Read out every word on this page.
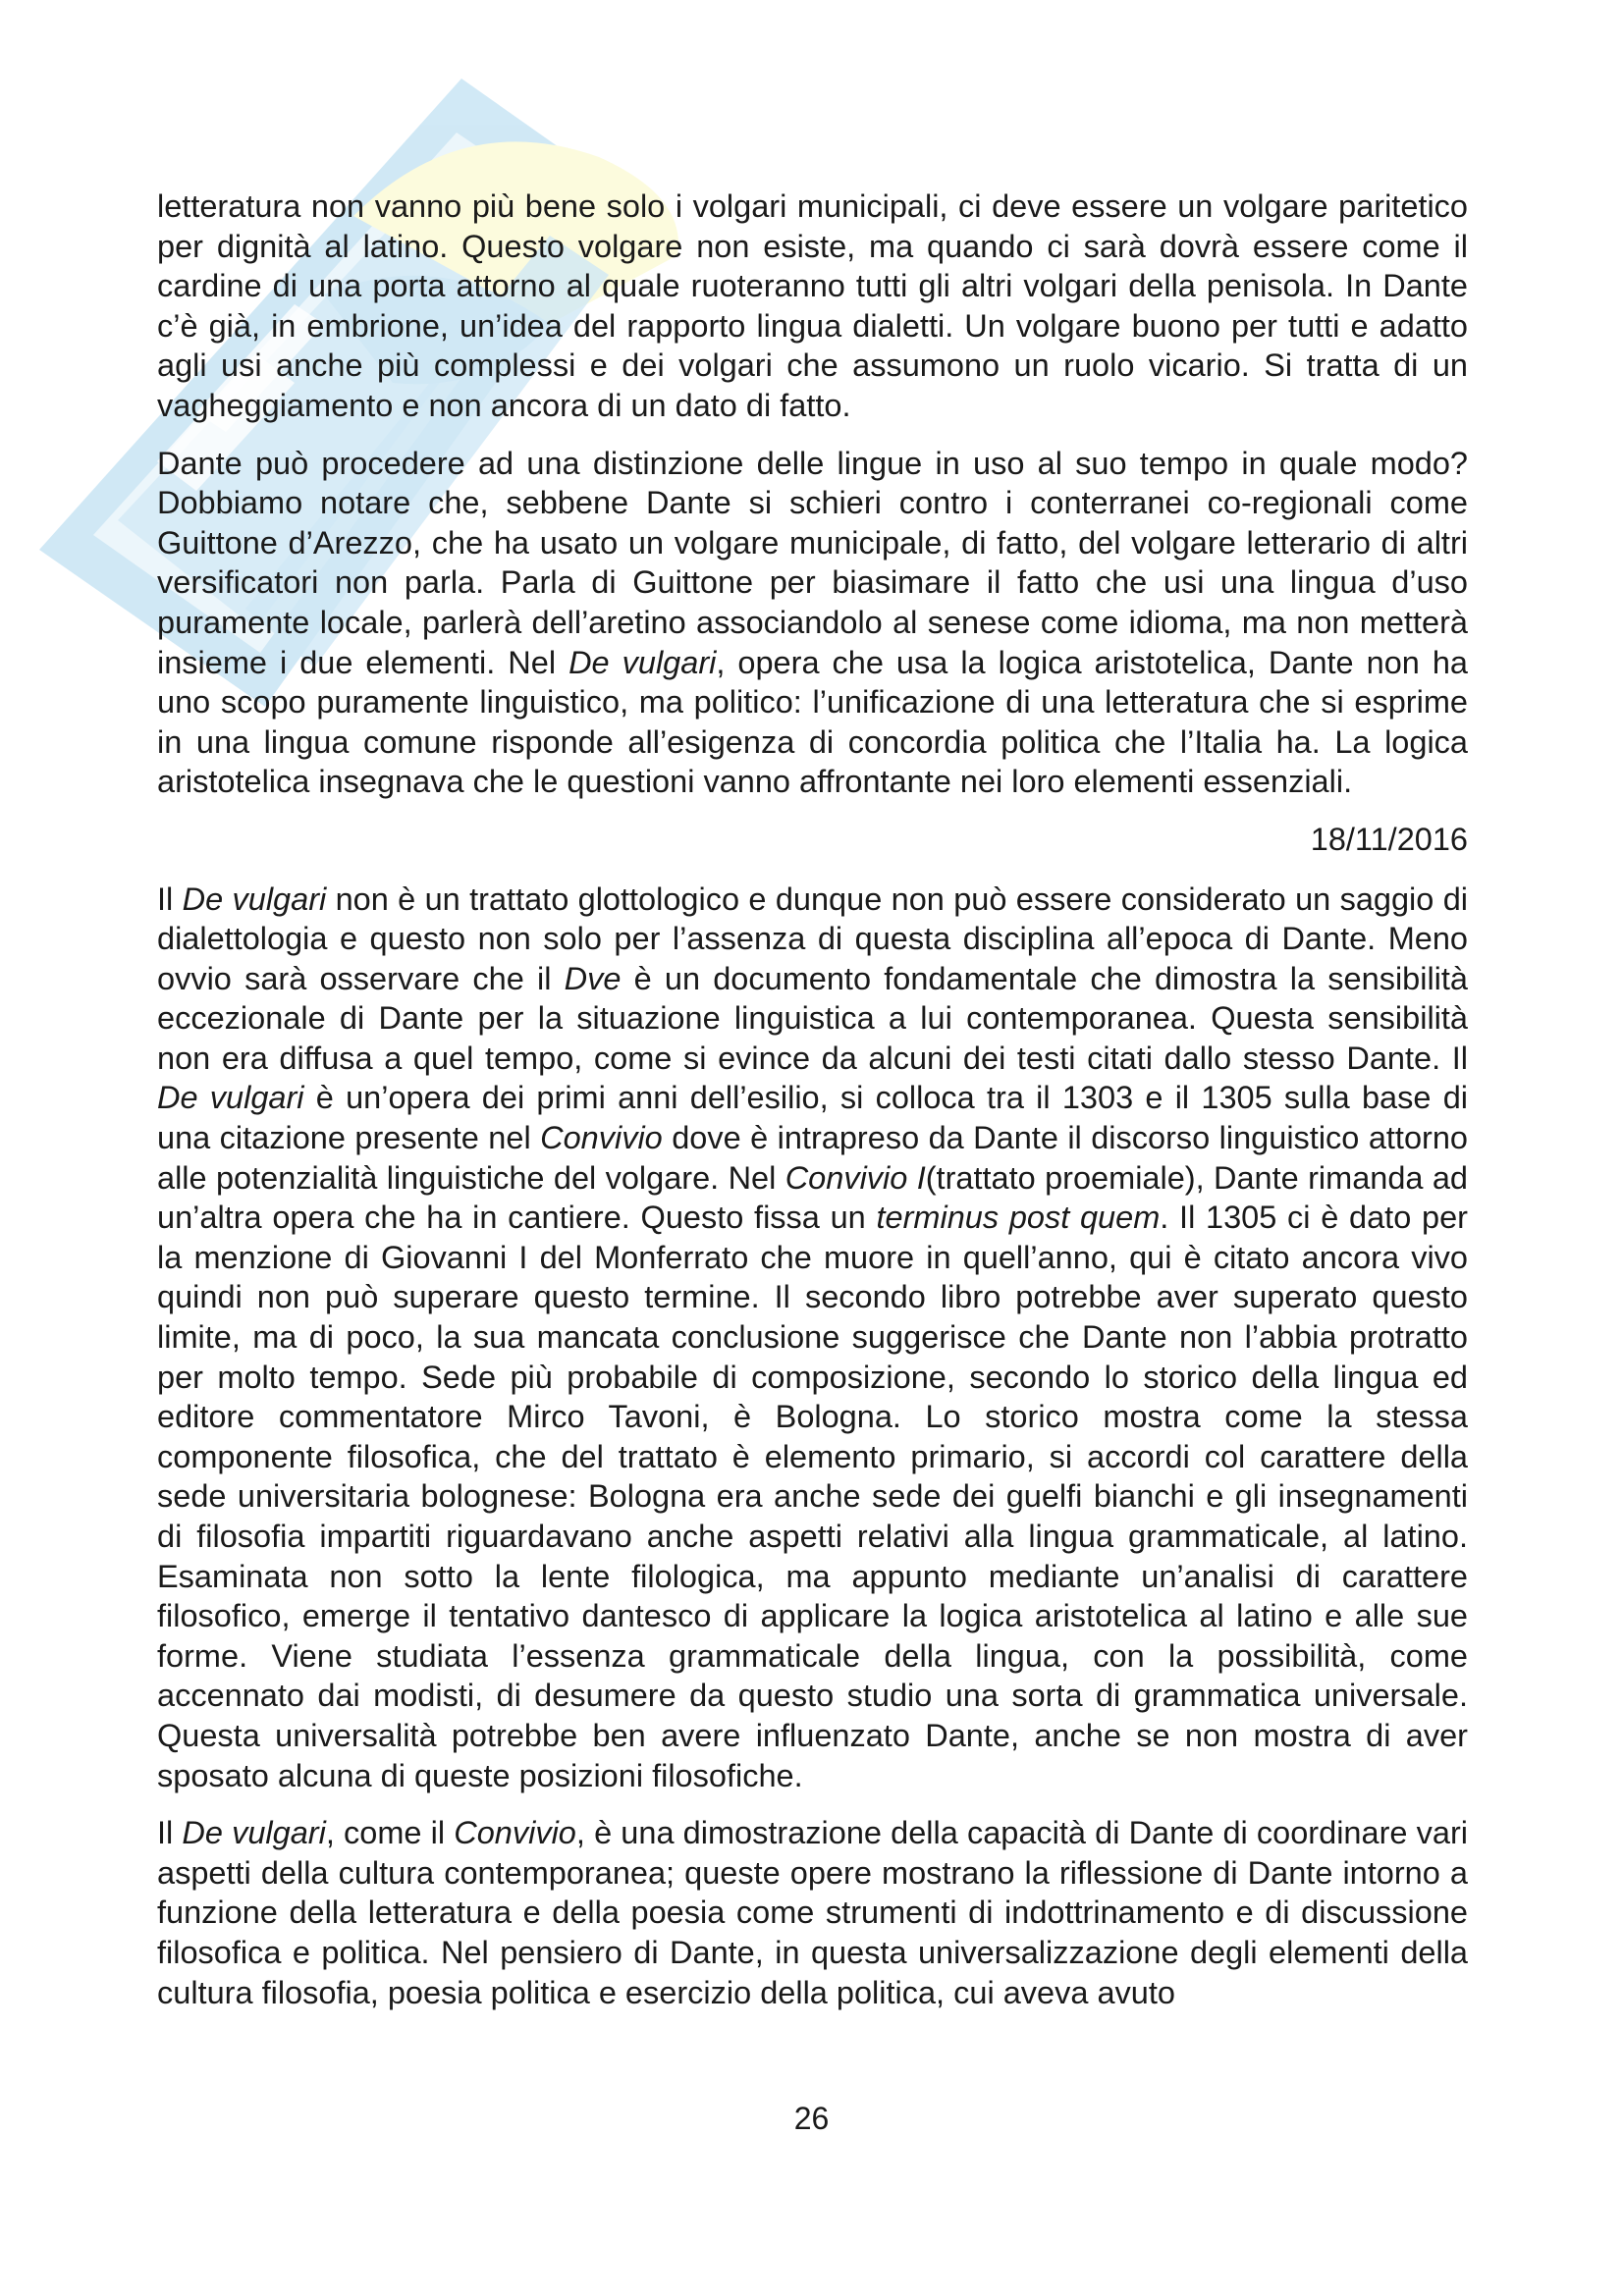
letteratura non vanno più bene solo i volgari municipali, ci deve essere un volgare paritetico per dignità al latino. Questo volgare non esiste, ma quando ci sarà dovrà essere come il cardine di una porta attorno al quale ruoteranno tutti gli altri volgari della penisola. In Dante c’è già, in embrione, un’idea del rapporto lingua dialetti. Un volgare buono per tutti e adatto agli usi anche più complessi e dei volgari che assumono un ruolo vicario. Si tratta di un vagheggiamento e non ancora di un dato di fatto.

Dante può procedere ad una distinzione delle lingue in uso al suo tempo in quale modo? Dobbiamo notare che, sebbene Dante si schieri contro i conterranei co-regionali come Guittone d’Arezzo, che ha usato un volgare municipale, di fatto, del volgare letterario di altri versificatori non parla. Parla di Guittone per biasimare il fatto che usi una lingua d’uso puramente locale, parlerà dell’aretino associandolo al senese come idioma, ma non metterà insieme i due elementi. Nel De vulgari, opera che usa la logica aristotelica, Dante non ha uno scopo puramente linguistico, ma politico: l’unificazione di una letteratura che si esprime in una lingua comune risponde all’esigenza di concordia politica che l’Italia ha. La logica aristotelica insegnava che le questioni vanno affrontante nei loro elementi essenziali.

18/11/2016

Il De vulgari non è un trattato glottologico e dunque non può essere considerato un saggio di dialettologia e questo non solo per l’assenza di questa disciplina all’epoca di Dante. Meno ovvio sarà osservare che il Dve è un documento fondamentale che dimostra la sensibilità eccezionale di Dante per la situazione linguistica a lui contemporanea. Questa sensibilità non era diffusa a quel tempo, come si evince da alcuni dei testi citati dallo stesso Dante. Il De vulgari è un’opera dei primi anni dell’esilio, si colloca tra il 1303 e il 1305 sulla base di una citazione presente nel Convivio dove è intrapreso da Dante il discorso linguistico attorno alle potenzialità linguistiche del volgare. Nel Convivio I(trattato proemiale), Dante rimanda ad un’altra opera che ha in cantiere. Questo fissa un terminus post quem. Il 1305 ci è dato per la menzione di Giovanni I del Monferrato che muore in quell’anno, qui è citato ancora vivo quindi non può superare questo termine. Il secondo libro potrebbe aver superato questo limite, ma di poco, la sua mancata conclusione suggerisce che Dante non l’abbia protratto per molto tempo. Sede più probabile di composizione, secondo lo storico della lingua ed editore commentatore Mirco Tavoni, è Bologna. Lo storico mostra come la stessa componente filosofica, che del trattato è elemento primario, si accordi col carattere della sede universitaria bolognese: Bologna era anche sede dei guelfi bianchi e gli insegnamenti di filosofia impartiti riguardavano anche aspetti relativi alla lingua grammaticale, al latino. Esaminata non sotto la lente filologica, ma appunto mediante un’analisi di carattere filosofico, emerge il tentativo dantesco di applicare la logica aristotelica al latino e alle sue forme. Viene studiata l’essenza grammaticale della lingua, con la possibilità, come accennato dai modisti, di desumere da questo studio una sorta di grammatica universale. Questa universalità potrebbe ben avere influenzato Dante, anche se non mostra di aver sposato alcuna di queste posizioni filosofiche.

Il De vulgari, come il Convivio, è una dimostrazione della capacità di Dante di coordinare vari aspetti della cultura contemporanea; queste opere mostrano la riflessione di Dante intorno a funzione della letteratura e della poesia come strumenti di indottrinamento e di discussione filosofica e politica. Nel pensiero di Dante, in questa universalizzazione degli elementi della cultura filosofia, poesia politica e esercizio della politica, cui aveva avuto

26
